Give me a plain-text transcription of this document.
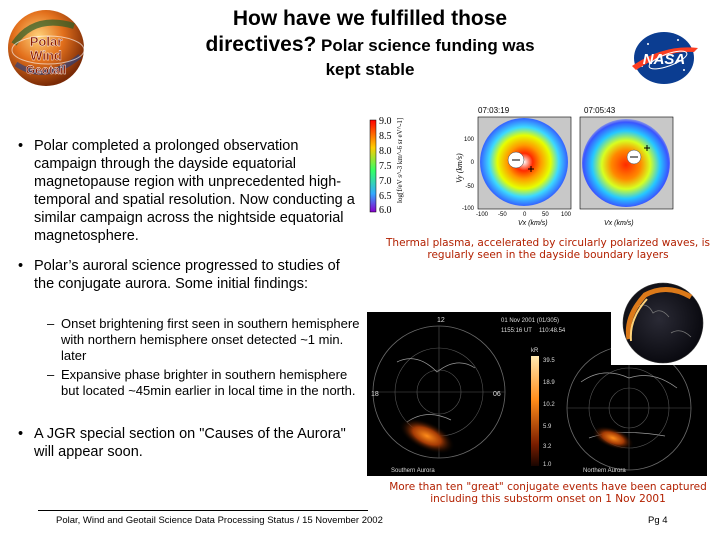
Polar
Wind
Geotail
How have we fulfilled those
directives? Polar science funding was
kept stable	NASA
• Polar completed a prolonged observation campaign through the dayside equatorial magnetopause region with unprecedented high-temporal and spatial resolution. Now conducting a similar campaign across the nightside equatorial magnetosphere.
• Polar’s auroral science progressed to studies of the conjugate aurora. Some initial findings:
– Onset brightening first seen in southern hemisphere with northern hemisphere onset detected ~1 min. later
– Expansive phase brighter in southern hemisphere but located ~45min earlier in local time in the north.
• A JGR special section on "Causes of the Aurora" will appear soon.
9.0
8.5
8.0
7.5
7.0
6.5
6.0
log[f/eV s^-3 km^-6 sr eV^-1]	Vy (km/s)
07:03:19
100
0
-50
-100
-100 -50	0	50 100
Vx (km/s)
07:05:43
Vx (km/s)
Thermal plasma, accelerated by circularly polarized waves, is regularly seen in the dayside boundary layers
12
18	06
Southern Aurora
01 Nov 2001 (01/305)
1155:16 UT 110:48.54
kR
39.5
18.9
10.2
5.9
3.2
1.0
Northern Aurora
More than ten "great" conjugate events have been captured including this substorm onset on 1 Nov 2001
Polar, Wind and Geotail Science Data Processing Status / 15 November 2002	Pg 4
